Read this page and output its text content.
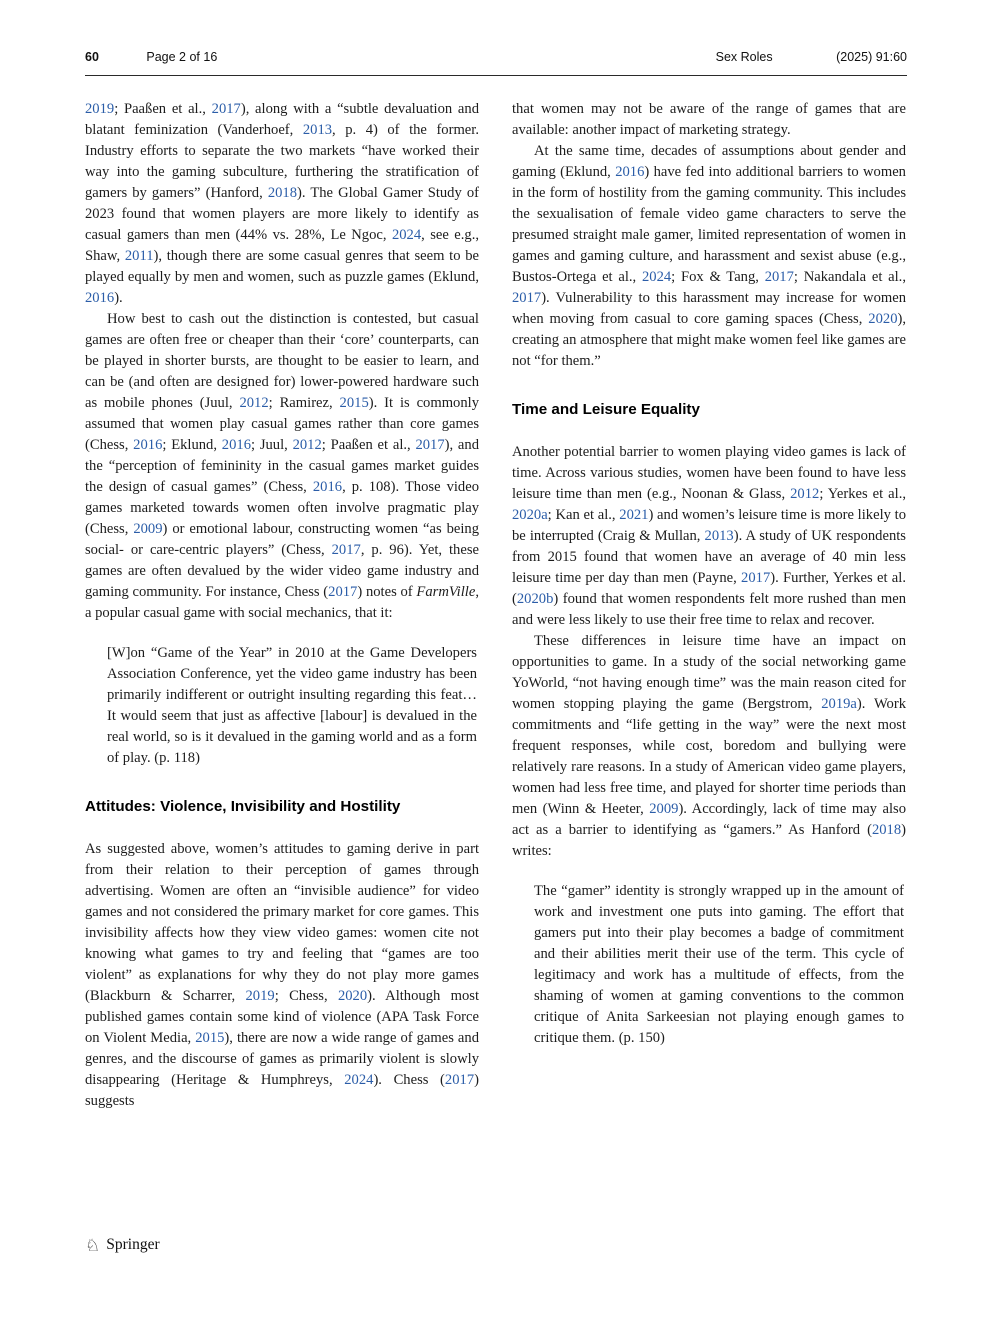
60	Page 2 of 16	Sex Roles	(2025) 91:60

2019; Paaßen et al., 2017), along with a “subtle devaluation and blatant feminization (Vanderhoef, 2013, p. 4) of the former. Industry efforts to separate the two markets “have worked their way into the gaming subculture, furthering the stratification of gamers by gamers” (Hanford, 2018). The Global Gamer Study of 2023 found that women players are more likely to identify as casual gamers than men (44% vs. 28%, Le Ngoc, 2024, see e.g., Shaw, 2011), though there are some casual genres that seem to be played equally by men and women, such as puzzle games (Eklund, 2016).

How best to cash out the distinction is contested, but casual games are often free or cheaper than their ‘core’ counterparts, can be played in shorter bursts, are thought to be easier to learn, and can be (and often are designed for) lower-powered hardware such as mobile phones (Juul, 2012; Ramirez, 2015). It is commonly assumed that women play casual games rather than core games (Chess, 2016; Eklund, 2016; Juul, 2012; Paaßen et al., 2017), and the “perception of femininity in the casual games market guides the design of casual games” (Chess, 2016, p. 108). Those video games marketed towards women often involve pragmatic play (Chess, 2009) or emotional labour, constructing women “as being social- or care-centric players” (Chess, 2017, p. 96). Yet, these games are often devalued by the wider video game industry and gaming community. For instance, Chess (2017) notes of FarmVille, a popular casual game with social mechanics, that it:

[W]on “Game of the Year” in 2010 at the Game Developers Association Conference, yet the video game industry has been primarily indifferent or outright insulting regarding this feat… It would seem that just as affective [labour] is devalued in the real world, so is it devalued in the gaming world and as a form of play. (p. 118)
Attitudes: Violence, Invisibility and Hostility

As suggested above, women’s attitudes to gaming derive in part from their relation to their perception of games through advertising. Women are often an “invisible audience” for video games and not considered the primary market for core games. This invisibility affects how they view video games: women cite not knowing what games to try and feeling that “games are too violent” as explanations for why they do not play more games (Blackburn & Scharrer, 2019; Chess, 2020). Although most published games contain some kind of violence (APA Task Force on Violent Media, 2015), there are now a wide range of games and genres, and the discourse of games as primarily violent is slowly disappearing (Heritage & Humphreys, 2024). Chess (2017) suggests

that women may not be aware of the range of games that are available: another impact of marketing strategy.

At the same time, decades of assumptions about gender and gaming (Eklund, 2016) have fed into additional barriers to women in the form of hostility from the gaming community. This includes the sexualisation of female video game characters to serve the presumed straight male gamer, limited representation of women in games and gaming culture, and harassment and sexist abuse (e.g., Bustos-Ortega et al., 2024; Fox & Tang, 2017; Nakandala et al., 2017). Vulnerability to this harassment may increase for women when moving from casual to core gaming spaces (Chess, 2020), creating an atmosphere that might make women feel like games are not “for them.”

Time and Leisure Equality

Another potential barrier to women playing video games is lack of time. Across various studies, women have been found to have less leisure time than men (e.g., Noonan & Glass, 2012; Yerkes et al., 2020a; Kan et al., 2021) and women’s leisure time is more likely to be interrupted (Craig & Mullan, 2013). A study of UK respondents from 2015 found that women have an average of 40 min less leisure time per day than men (Payne, 2017). Further, Yerkes et al. (2020b) found that women respondents felt more rushed than men and were less likely to use their free time to relax and recover.

These differences in leisure time have an impact on opportunities to game. In a study of the social networking game YoWorld, “not having enough time” was the main reason cited for women stopping playing the game (Bergstrom, 2019a). Work commitments and “life getting in the way” were the next most frequent responses, while cost, boredom and bullying were relatively rare reasons. In a study of American video game players, women had less free time, and played for shorter time periods than men (Winn & Heeter, 2009). Accordingly, lack of time may also act as a barrier to identifying as “gamers.” As Hanford (2018) writes:

The “gamer” identity is strongly wrapped up in the amount of work and investment one puts into gaming. The effort that gamers put into their play becomes a badge of commitment and their abilities merit their use of the term. This cycle of legitimacy and work has a multitude of effects, from the shaming of women at gaming conventions to the common critique of Anita Sarkeesian not playing enough games to critique them. (p. 150)
♘ Springer
